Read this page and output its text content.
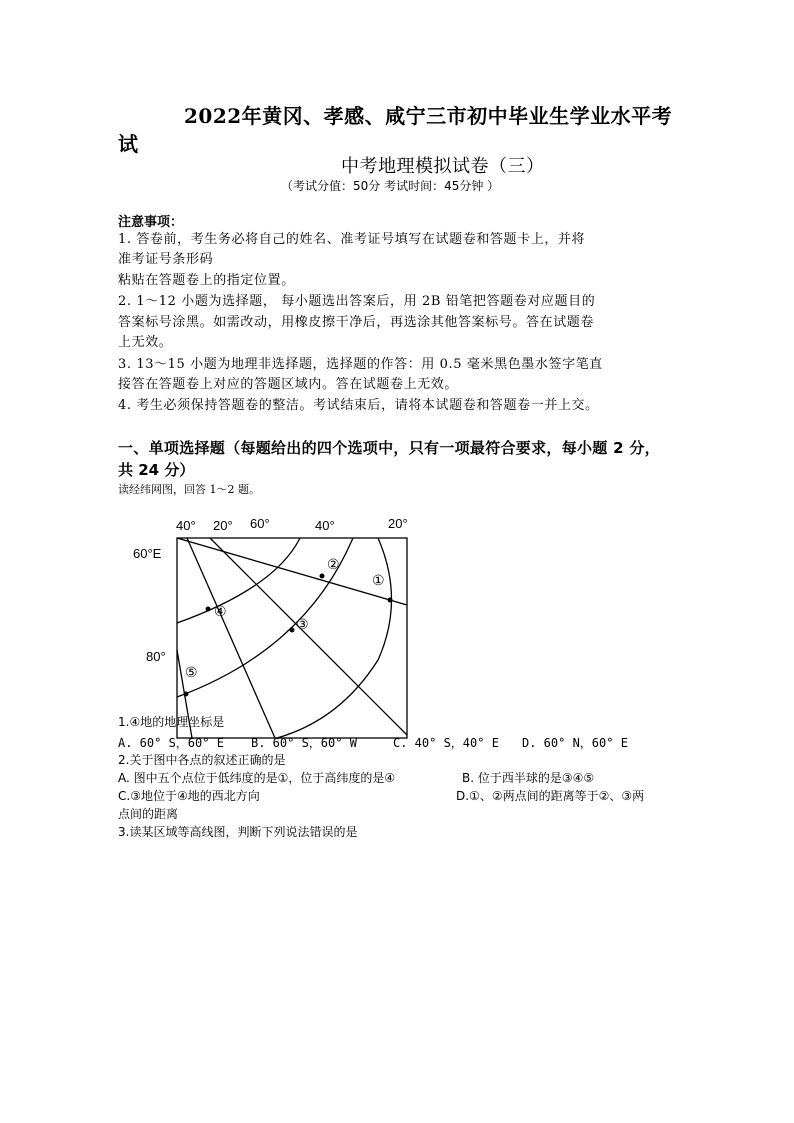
2022年黄冈、孝感、咸宁三市初中毕业生学业水平考
试
中考地理模拟试卷（三）
（考试分值：50分 考试时间：45分钟 ）
注意事项：
1. 答卷前，考生务必将自己的姓名、准考证号填写在试题卷和答题卡上，并将
准考证号条形码
粘贴在答题卷上的指定位置。
2. 1～12 小题为选择题， 每小题选出答案后，用 2B 铅笔把答题卷对应题目的
答案标号涂黑。如需改动，用橡皮擦干净后，再选涂其他答案标号。答在试题卷
上无效。
3. 13～15 小题为地理非选择题，选择题的作答：用 0.5 毫米黑色墨水签字笔直
接答在答题卷上对应的答题区域内。答在试题卷上无效。
4. 考生必须保持答题卷的整洁。考试结束后，请将本试题卷和答题卷一并上交。
一、单项选择题（每题给出的四个选项中，只有一项最符合要求，每小题 2 分，
共 24 分）
读经纬网图，回答 1～2 题。
40° 20° 60°	40°	20°
60°E
80°
①
②
③
④
⑤
1.④地的地理坐标是
A. 60° S，60° E B. 60° S，60° W	C. 40° S，40° E D. 60° N，60° E
2.关于图中各点的叙述正确的是
A. 图中五个点位于低纬度的是①，位于高纬度的是④	B. 位于西半球的是③④⑤
C.③地位于④地的西北方向	D.①、②两点间的距离等于②、③两
点间的距离
3.读某区域等高线图，判断下列说法错误的是
